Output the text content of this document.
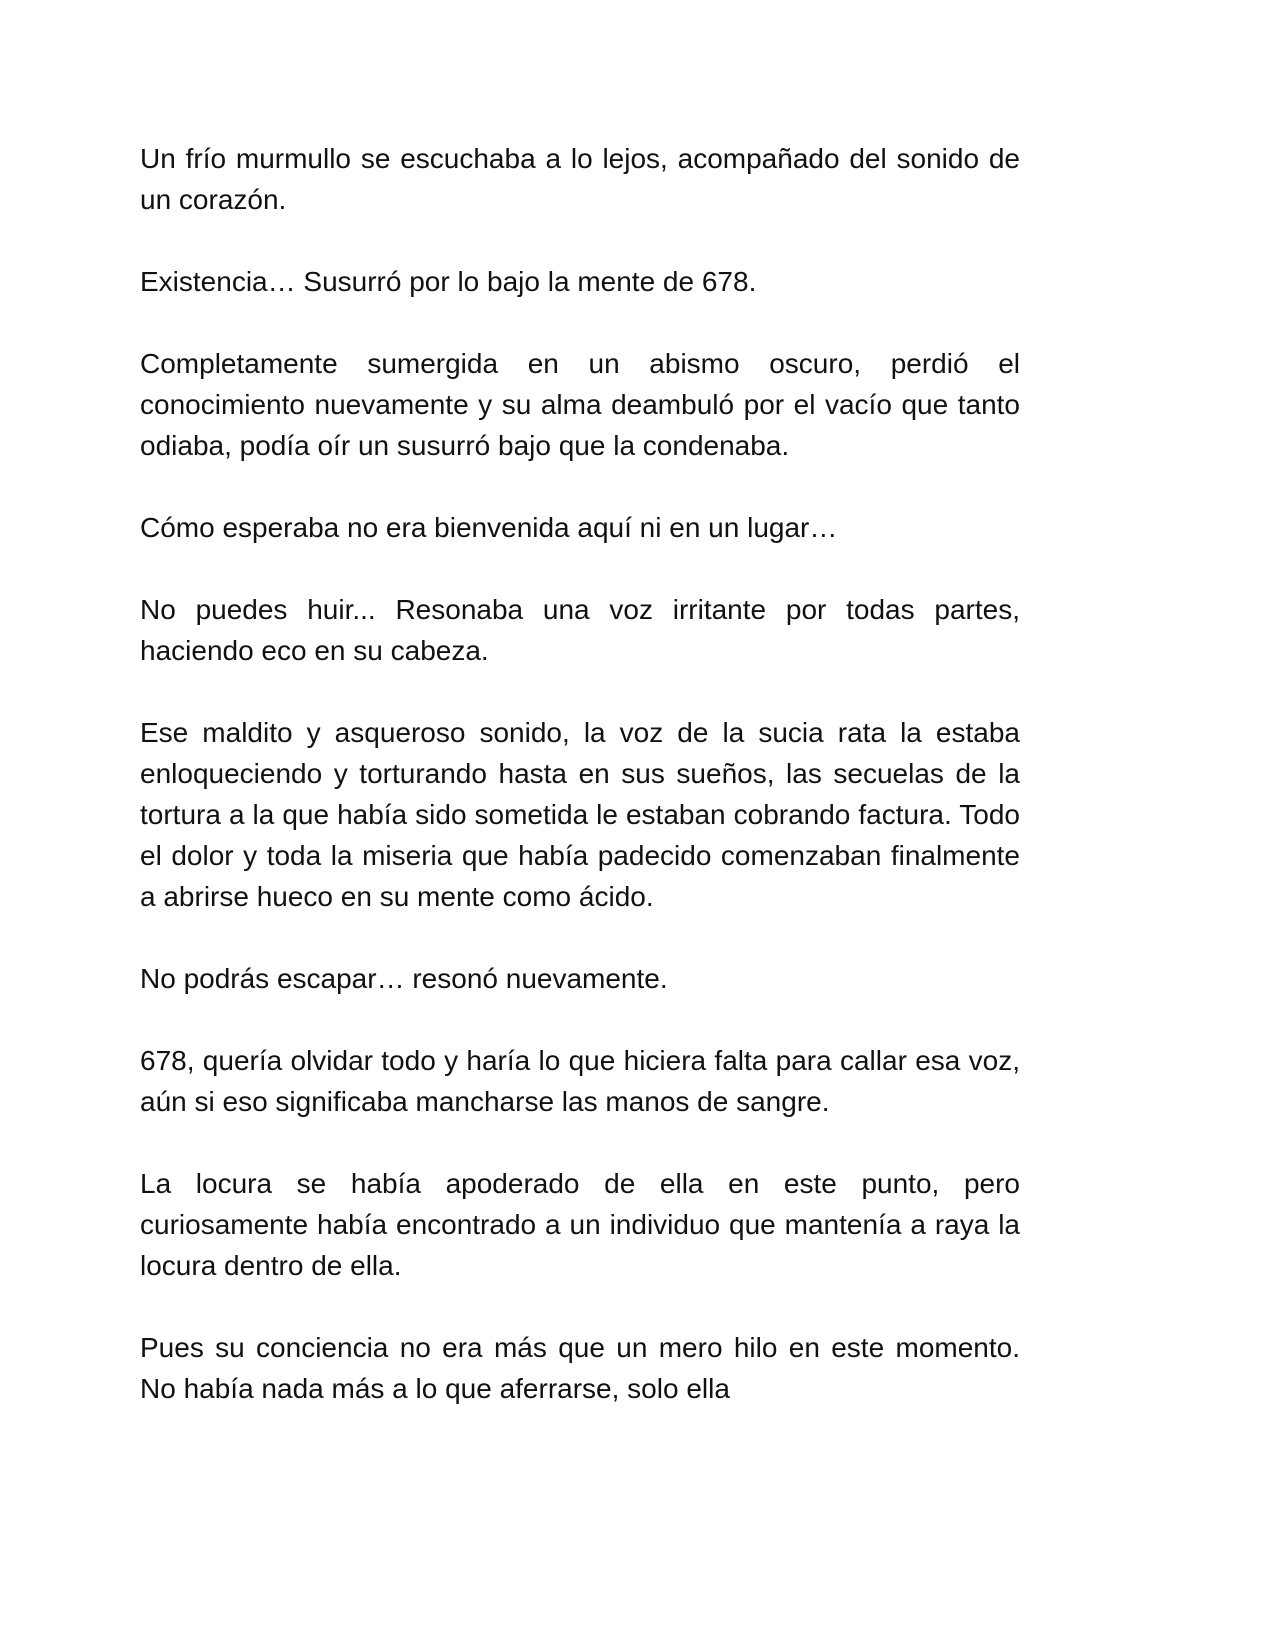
Un frío murmullo se escuchaba a lo lejos, acompañado del sonido de un corazón.

Existencia… Susurró por lo bajo la mente de 678.

Completamente sumergida en un abismo oscuro, perdió el conocimiento nuevamente y su alma deambuló por el vacío que tanto odiaba, podía oír un susurró bajo que la condenaba.

Cómo esperaba no era bienvenida aquí ni en un lugar…

No puedes huir... Resonaba una voz irritante por todas partes, haciendo eco en su cabeza.

Ese maldito y asqueroso sonido, la voz de la sucia rata la estaba enloqueciendo y torturando hasta en sus sueños, las secuelas de la tortura a la que había sido sometida le estaban cobrando factura. Todo el dolor y toda la miseria que había padecido comenzaban finalmente a abrirse hueco en su mente como ácido.

No podrás escapar… resonó nuevamente.

678, quería olvidar todo y haría lo que hiciera falta para callar esa voz, aún si eso significaba mancharse las manos de sangre.

La locura se había apoderado de ella en este punto, pero curiosamente había encontrado a un individuo que mantenía a raya la locura dentro de ella.

Pues su conciencia no era más que un mero hilo en este momento. No había nada más a lo que aferrarse, solo ella
